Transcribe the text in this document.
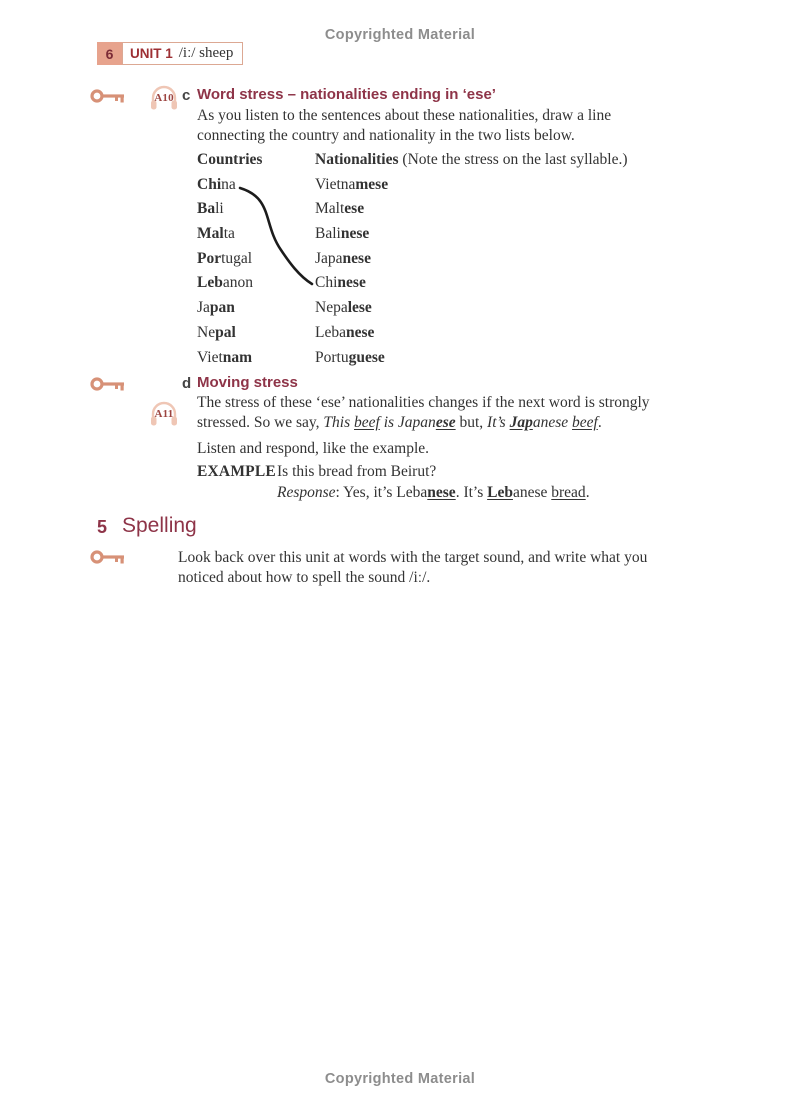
Copyrighted Material
6	UNIT 1 /iː/ sheep
A10 c Word stress – nationalities ending in ‘ese’
As you listen to the sentences about these nationalities, draw a line connecting the country and nationality in the two lists below.
Countries
China
Bali
Malta
Portugal
Lebanon
Japan
Nepal
Vietnam
Nationalities (Note the stress on the last syllable.)
Vietnamese
Maltese
Balinese
Japanese
Chinese
Nepalese
Lebanese
Portuguese
A11
d Moving stress
The stress of these ‘ese’ nationalities changes if the next word is strongly stressed. So we say, This beef is Japanese but, It’s Japanese beef.
Listen and respond, like the example.
EXAMPLE Is this bread from Beirut?
Response: Yes, it’s Lebanese. It’s Lebanese bread.
5 Spelling
Look back over this unit at words with the target sound, and write what you noticed about how to spell the sound /iː/.
Copyrighted Material
